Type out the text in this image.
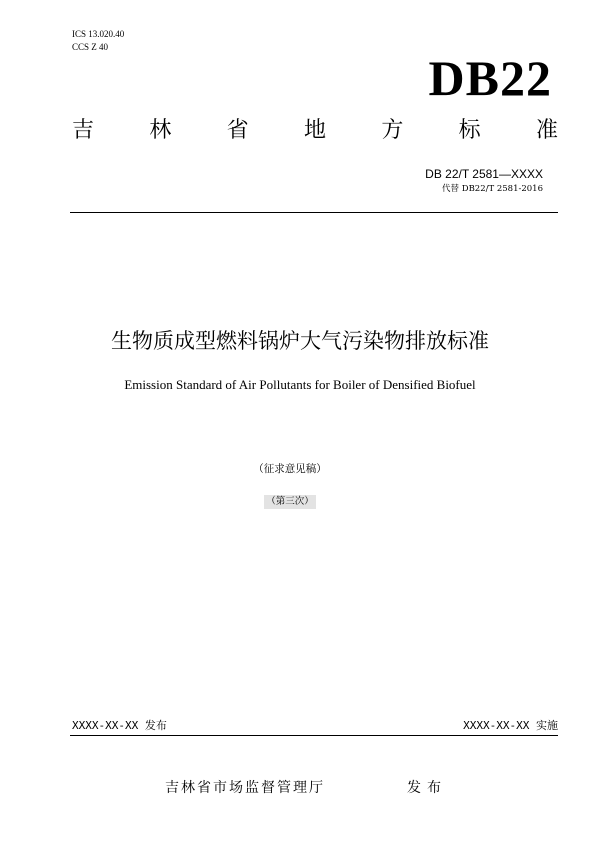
ICS 13.020.40
CCS Z 40
DB22
吉	林	省	地	方	标	准
DB 22/T 2581—XXXX
代替 DB22/T 2581-2016
生物质成型燃料锅炉大气污染物排放标准
Emission Standard of Air Pollutants for Boiler of Densified Biofuel
（征求意见稿）
（第三次）
XXXX-XX-XX 发布	XXXX-XX-XX 实施
吉林省市场监督管理厅	发布
